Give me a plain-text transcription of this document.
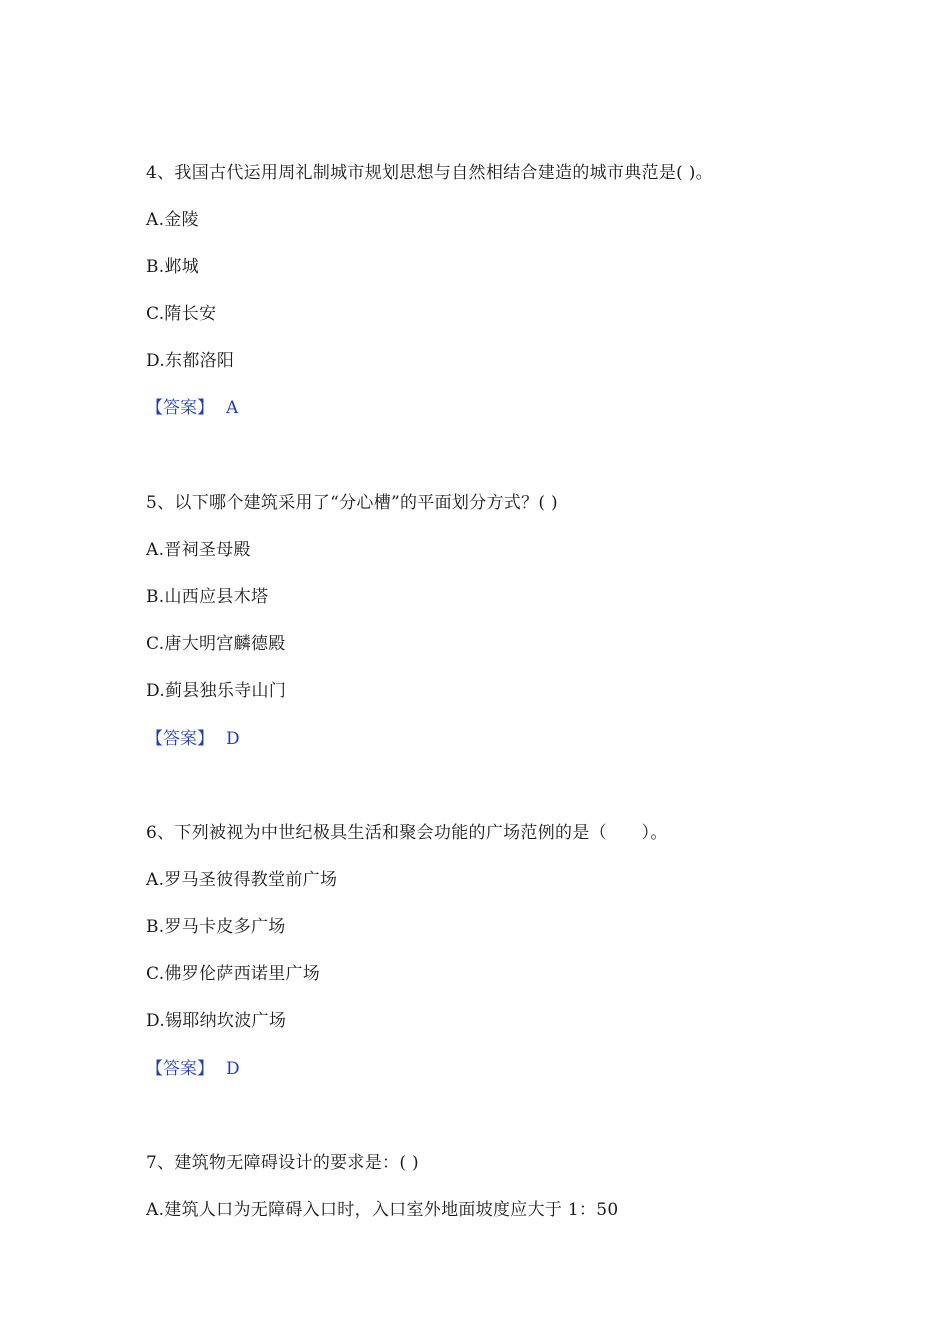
4、我国古代运用周礼制城市规划思想与自然相结合建造的城市典范是( )。
A.金陵
B.邺城
C.隋长安
D.东都洛阳
【答案】 A
5、以下哪个建筑采用了“分心槽”的平面划分方式？( )
A.晋祠圣母殿
B.山西应县木塔
C.唐大明宫麟德殿
D.蓟县独乐寺山门
【答案】 D
6、下列被视为中世纪极具生活和聚会功能的广场范例的是（　　）。
A.罗马圣彼得教堂前广场
B.罗马卡皮多广场
C.佛罗伦萨西诺里广场
D.锡耶纳坎波广场
【答案】 D
7、建筑物无障碍设计的要求是：( )
A.建筑人口为无障碍入口时，入口室外地面坡度应大于 1：50
